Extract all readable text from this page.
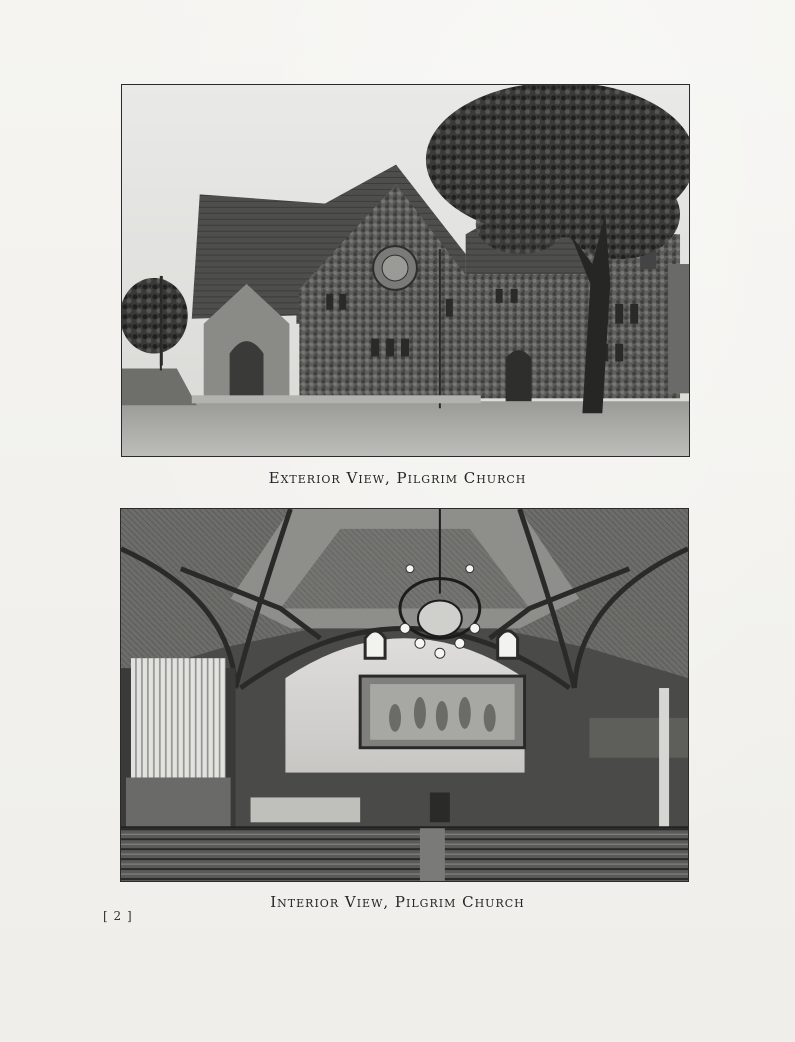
Exterior View, Pilgrim Church
Interior View, Pilgrim Church
[ 2 ]
